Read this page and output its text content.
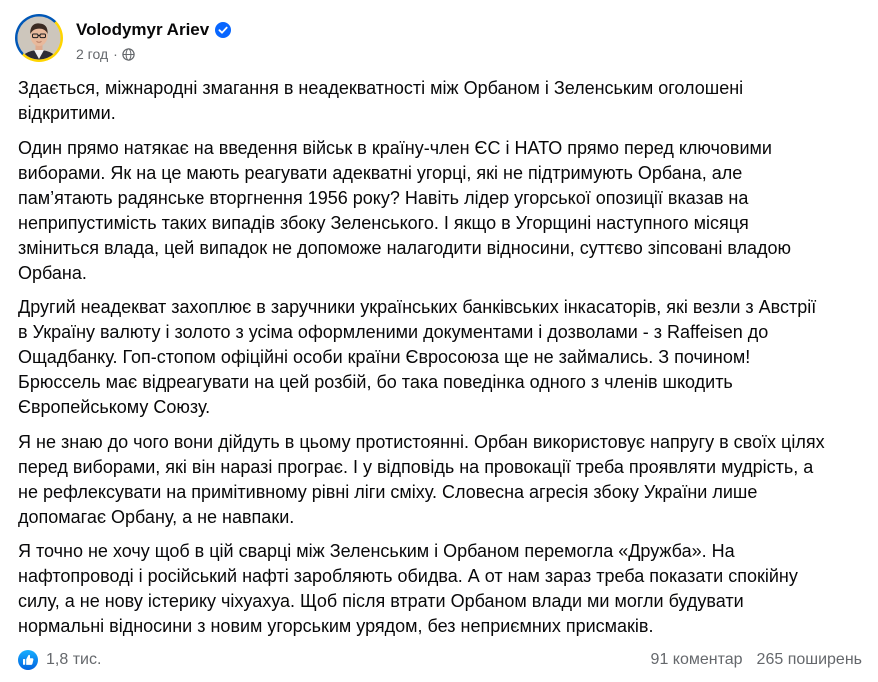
Volodymyr Ariev
2 год ·

Здається, міжнародні змагання в неадекватності між Орбаном і Зеленським оголошені
відкритими.

Один прямо натякає на введення військ в країну-член ЄС і НАТО прямо перед ключовими
виборами. Як на це мають реагувати адекватні угорці, які не підтримують Орбана, але
пам’ятають радянське вторгнення 1956 року? Навіть лідер угорської опозиції вказав на
неприпустимість таких випадів збоку Зеленського. І якщо в Угорщині наступного місяця
зміниться влада, цей випадок не допоможе налагодити відносини, суттєво зіпсовані владою
Орбана.

Другий неадекват захоплює в заручники українських банківських інкасаторів, які везли з Австрії
в Україну валюту і золото з усіма оформленими документами і дозволами - з Raffeisen до
Ощадбанку. Гоп-стопом офіційні особи країни Євросоюза ще не займались. З почином!
Брюссель має відреагувати на цей розбій, бо така поведінка одного з членів шкодить
Європейському Союзу.

Я не знаю до чого вони дійдуть в цьому протистоянні. Орбан використовує напругу в своїх цілях
перед виборами, які він наразі програє. І у відповідь на провокації треба проявляти мудрість, а
не рефлексувати на примітивному рівні ліги сміху. Словесна агресія збоку України лише
допомагає Орбану, а не навпаки.

Я точно не хочу щоб в цій сварці між Зеленським і Орбаном перемогла «Дружба». На
нафтопроводі і російський нафті заробляють обидва. А от нам зараз треба показати спокійну
силу, а не нову істерику чіхуахуа. Щоб після втрати Орбаном влади ми могли будувати
нормальні відносини з новим угорським урядом, без неприємних присмаків.

1,8 тис.	91 коментар 265 поширень
